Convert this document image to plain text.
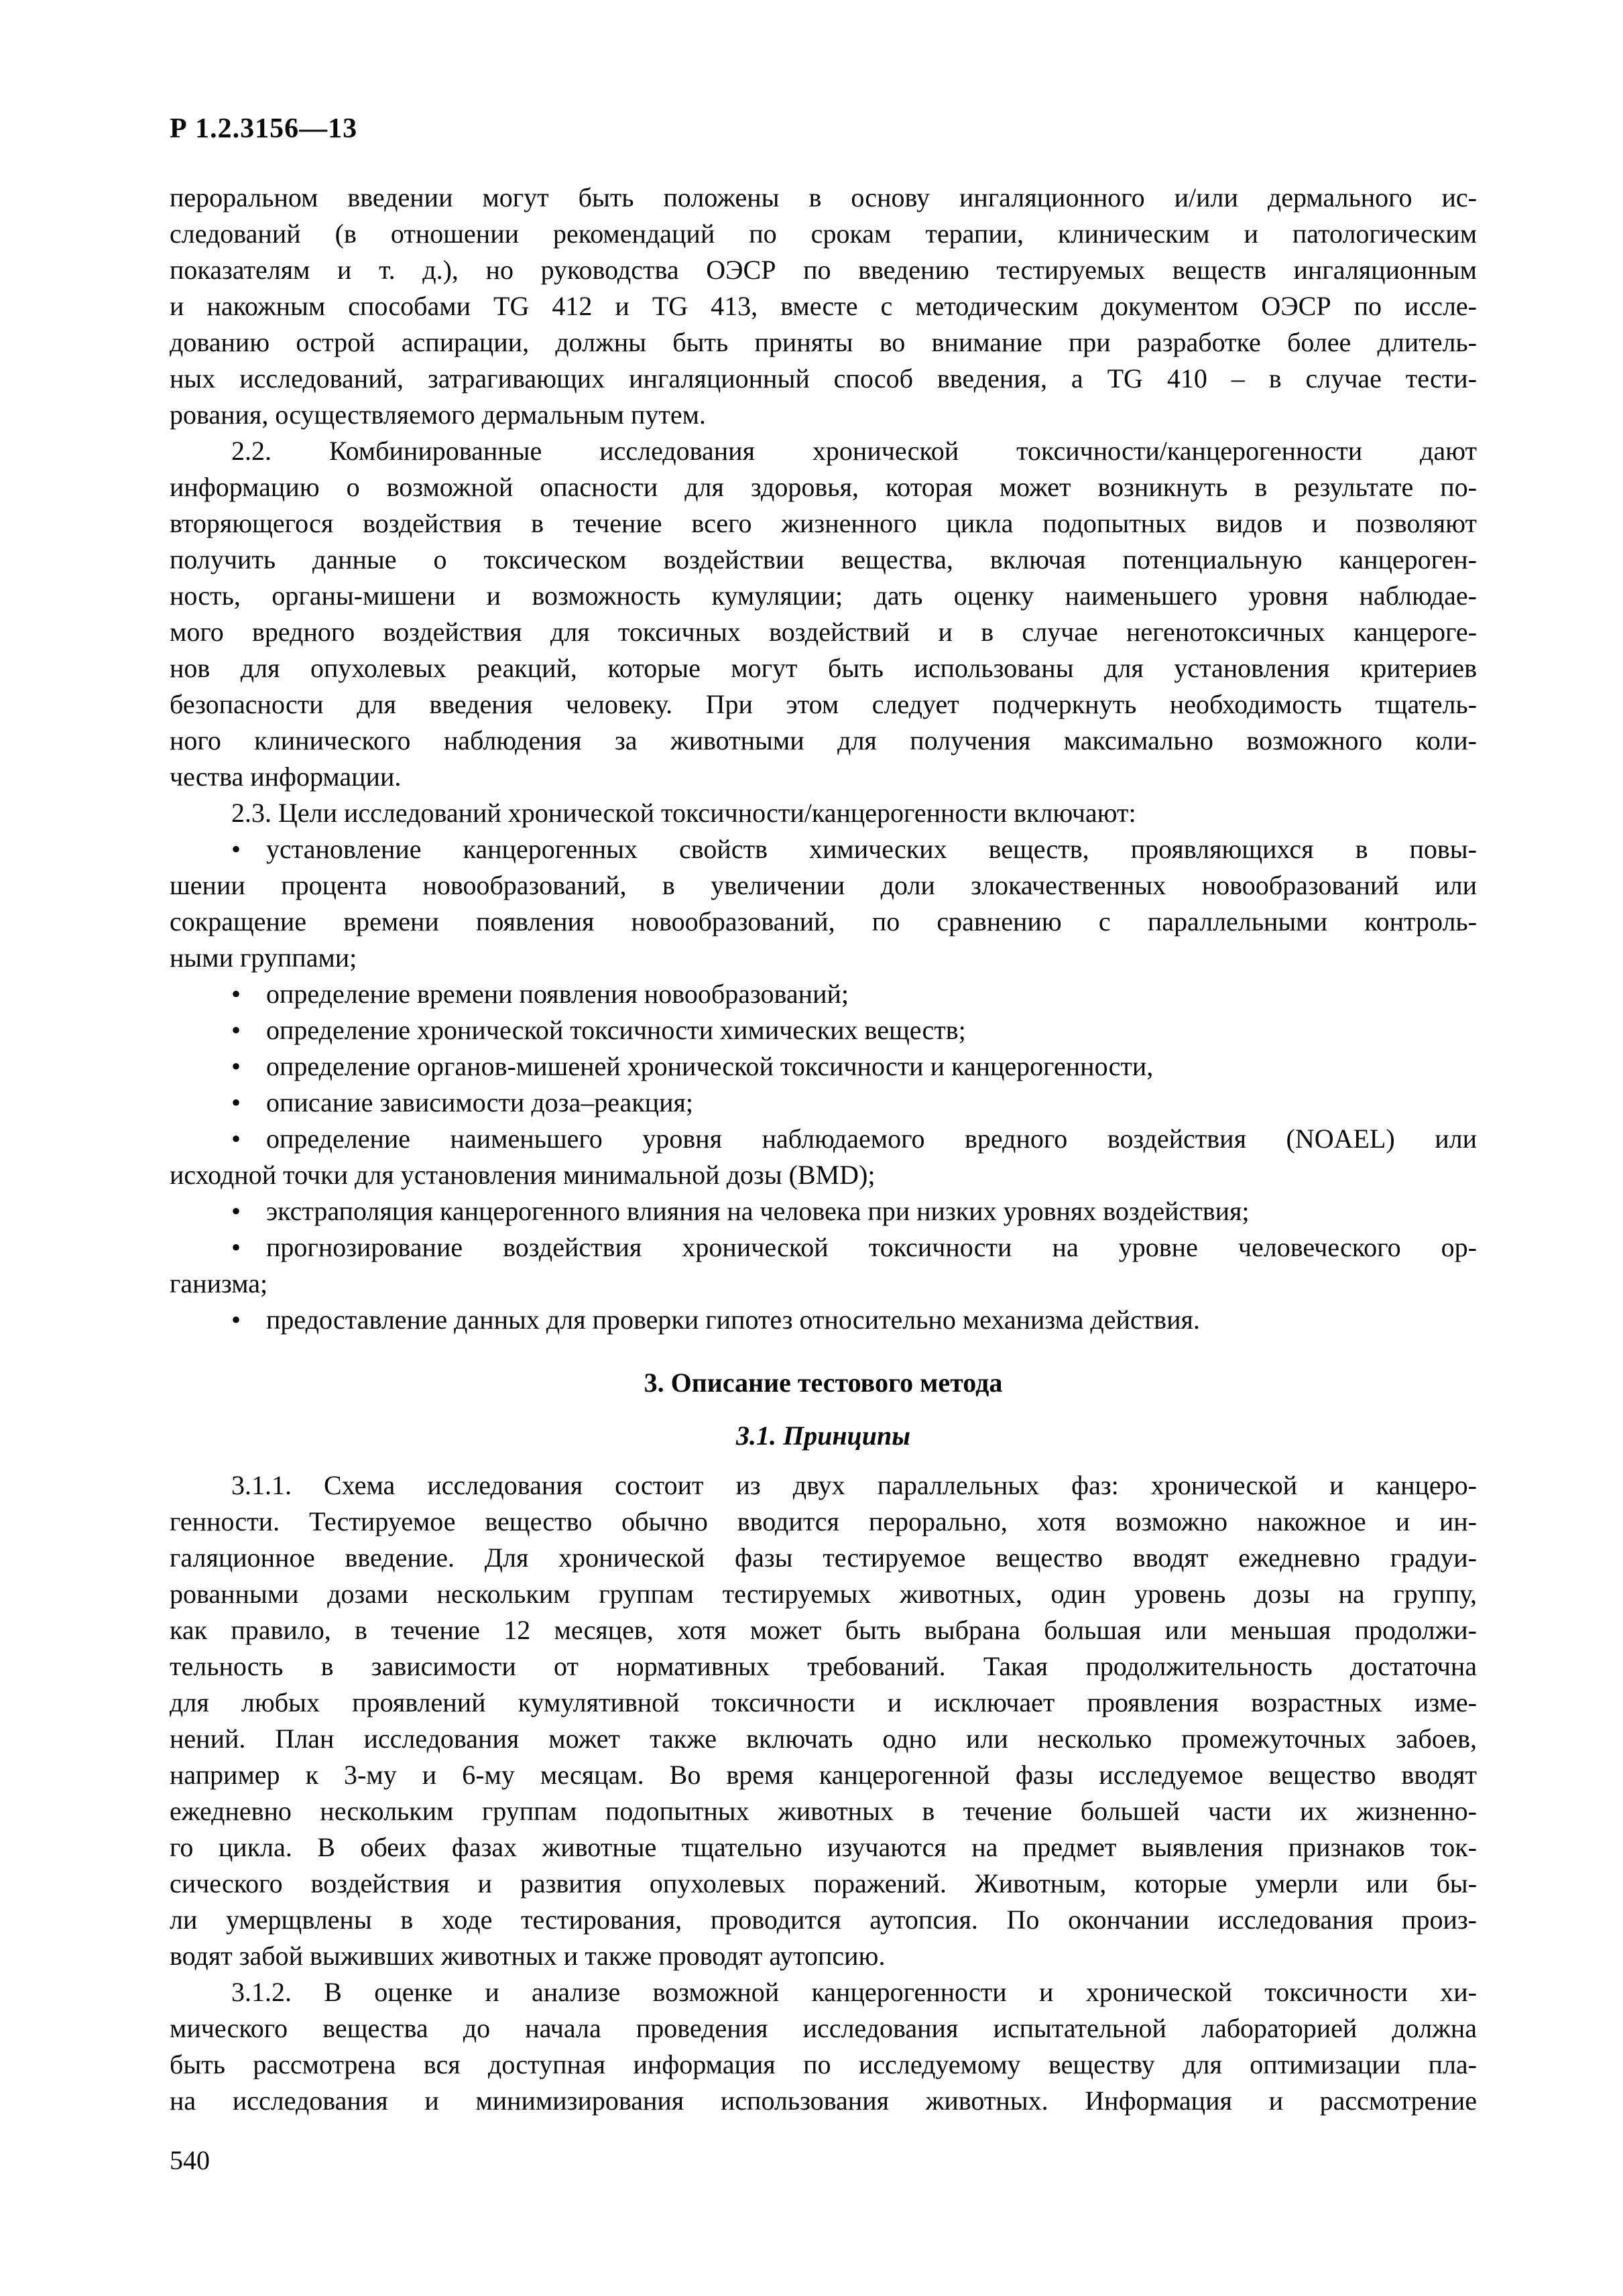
Р 1.2.3156—13
пероральном введении могут быть положены в основу ингаляционного и/или дермального ис-
следований (в отношении рекомендаций по срокам терапии, клиническим и патологическим
показателям и т. д.), но руководства ОЭСР по введению тестируемых веществ ингаляционным
и накожным способами TG 412 и TG 413, вместе с методическим документом ОЭСР по иссле-
дованию острой аспирации, должны быть приняты во внимание при разработке более длитель-
ных исследований, затрагивающих ингаляционный способ введения, а TG 410 – в случае тести-
рования, осуществляемого дермальным путем.
2.2. Комбинированные исследования хронической токсичности/канцерогенности дают
информацию о возможной опасности для здоровья, которая может возникнуть в результате по-
вторяющегося воздействия в течение всего жизненного цикла подопытных видов и позволяют
получить данные о токсическом воздействии вещества, включая потенциальную канцероген-
ность, органы-мишени и возможность кумуляции; дать оценку наименьшего уровня наблюдае-
мого вредного воздействия для токсичных воздействий и в случае негенотоксичных канцероге-
нов для опухолевых реакций, которые могут быть использованы для установления критериев
безопасности для введения человеку. При этом следует подчеркнуть необходимость тщатель-
ного клинического наблюдения за животными для получения максимально возможного коли-
чества информации.
2.3. Цели исследований хронической токсичности/канцерогенности включают:
• установление канцерогенных свойств химических веществ, проявляющихся в повы-
шении процента новообразований, в увеличении доли злокачественных новообразований или
сокращение времени появления новообразований, по сравнению с параллельными контроль-
ными группами;
• определение времени появления новообразований;
• определение хронической токсичности химических веществ;
• определение органов-мишеней хронической токсичности и канцерогенности,
• описание зависимости доза–реакция;
• определение наименьшего уровня наблюдаемого вредного воздействия (NOAEL) или
исходной точки для установления минимальной дозы (BMD);
• экстраполяция канцерогенного влияния на человека при низких уровнях воздействия;
• прогнозирование воздействия хронической токсичности на уровне человеческого ор-
ганизма;
• предоставление данных для проверки гипотез относительно механизма действия.
3. Описание тестового метода
3.1. Принципы
3.1.1. Схема исследования состоит из двух параллельных фаз: хронической и канцеро-
генности. Тестируемое вещество обычно вводится перорально, хотя возможно накожное и ин-
галяционное введение. Для хронической фазы тестируемое вещество вводят ежедневно градуи-
рованными дозами нескольким группам тестируемых животных, один уровень дозы на группу,
как правило, в течение 12 месяцев, хотя может быть выбрана большая или меньшая продолжи-
тельность в зависимости от нормативных требований. Такая продолжительность достаточна
для любых проявлений кумулятивной токсичности и исключает проявления возрастных изме-
нений. План исследования может также включать одно или несколько промежуточных забоев,
например к 3-му и 6-му месяцам. Во время канцерогенной фазы исследуемое вещество вводят
ежедневно нескольким группам подопытных животных в течение большей части их жизненно-
го цикла. В обеих фазах животные тщательно изучаются на предмет выявления признаков ток-
сического воздействия и развития опухолевых поражений. Животным, которые умерли или бы-
ли умерщвлены в ходе тестирования, проводится аутопсия. По окончании исследования произ-
водят забой выживших животных и также проводят аутопсию.
3.1.2. В оценке и анализе возможной канцерогенности и хронической токсичности хи-
мического вещества до начала проведения исследования испытательной лабораторией должна
быть рассмотрена вся доступная информация по исследуемому веществу для оптимизации пла-
на исследования и минимизирования использования животных. Информация и рассмотрение
540
